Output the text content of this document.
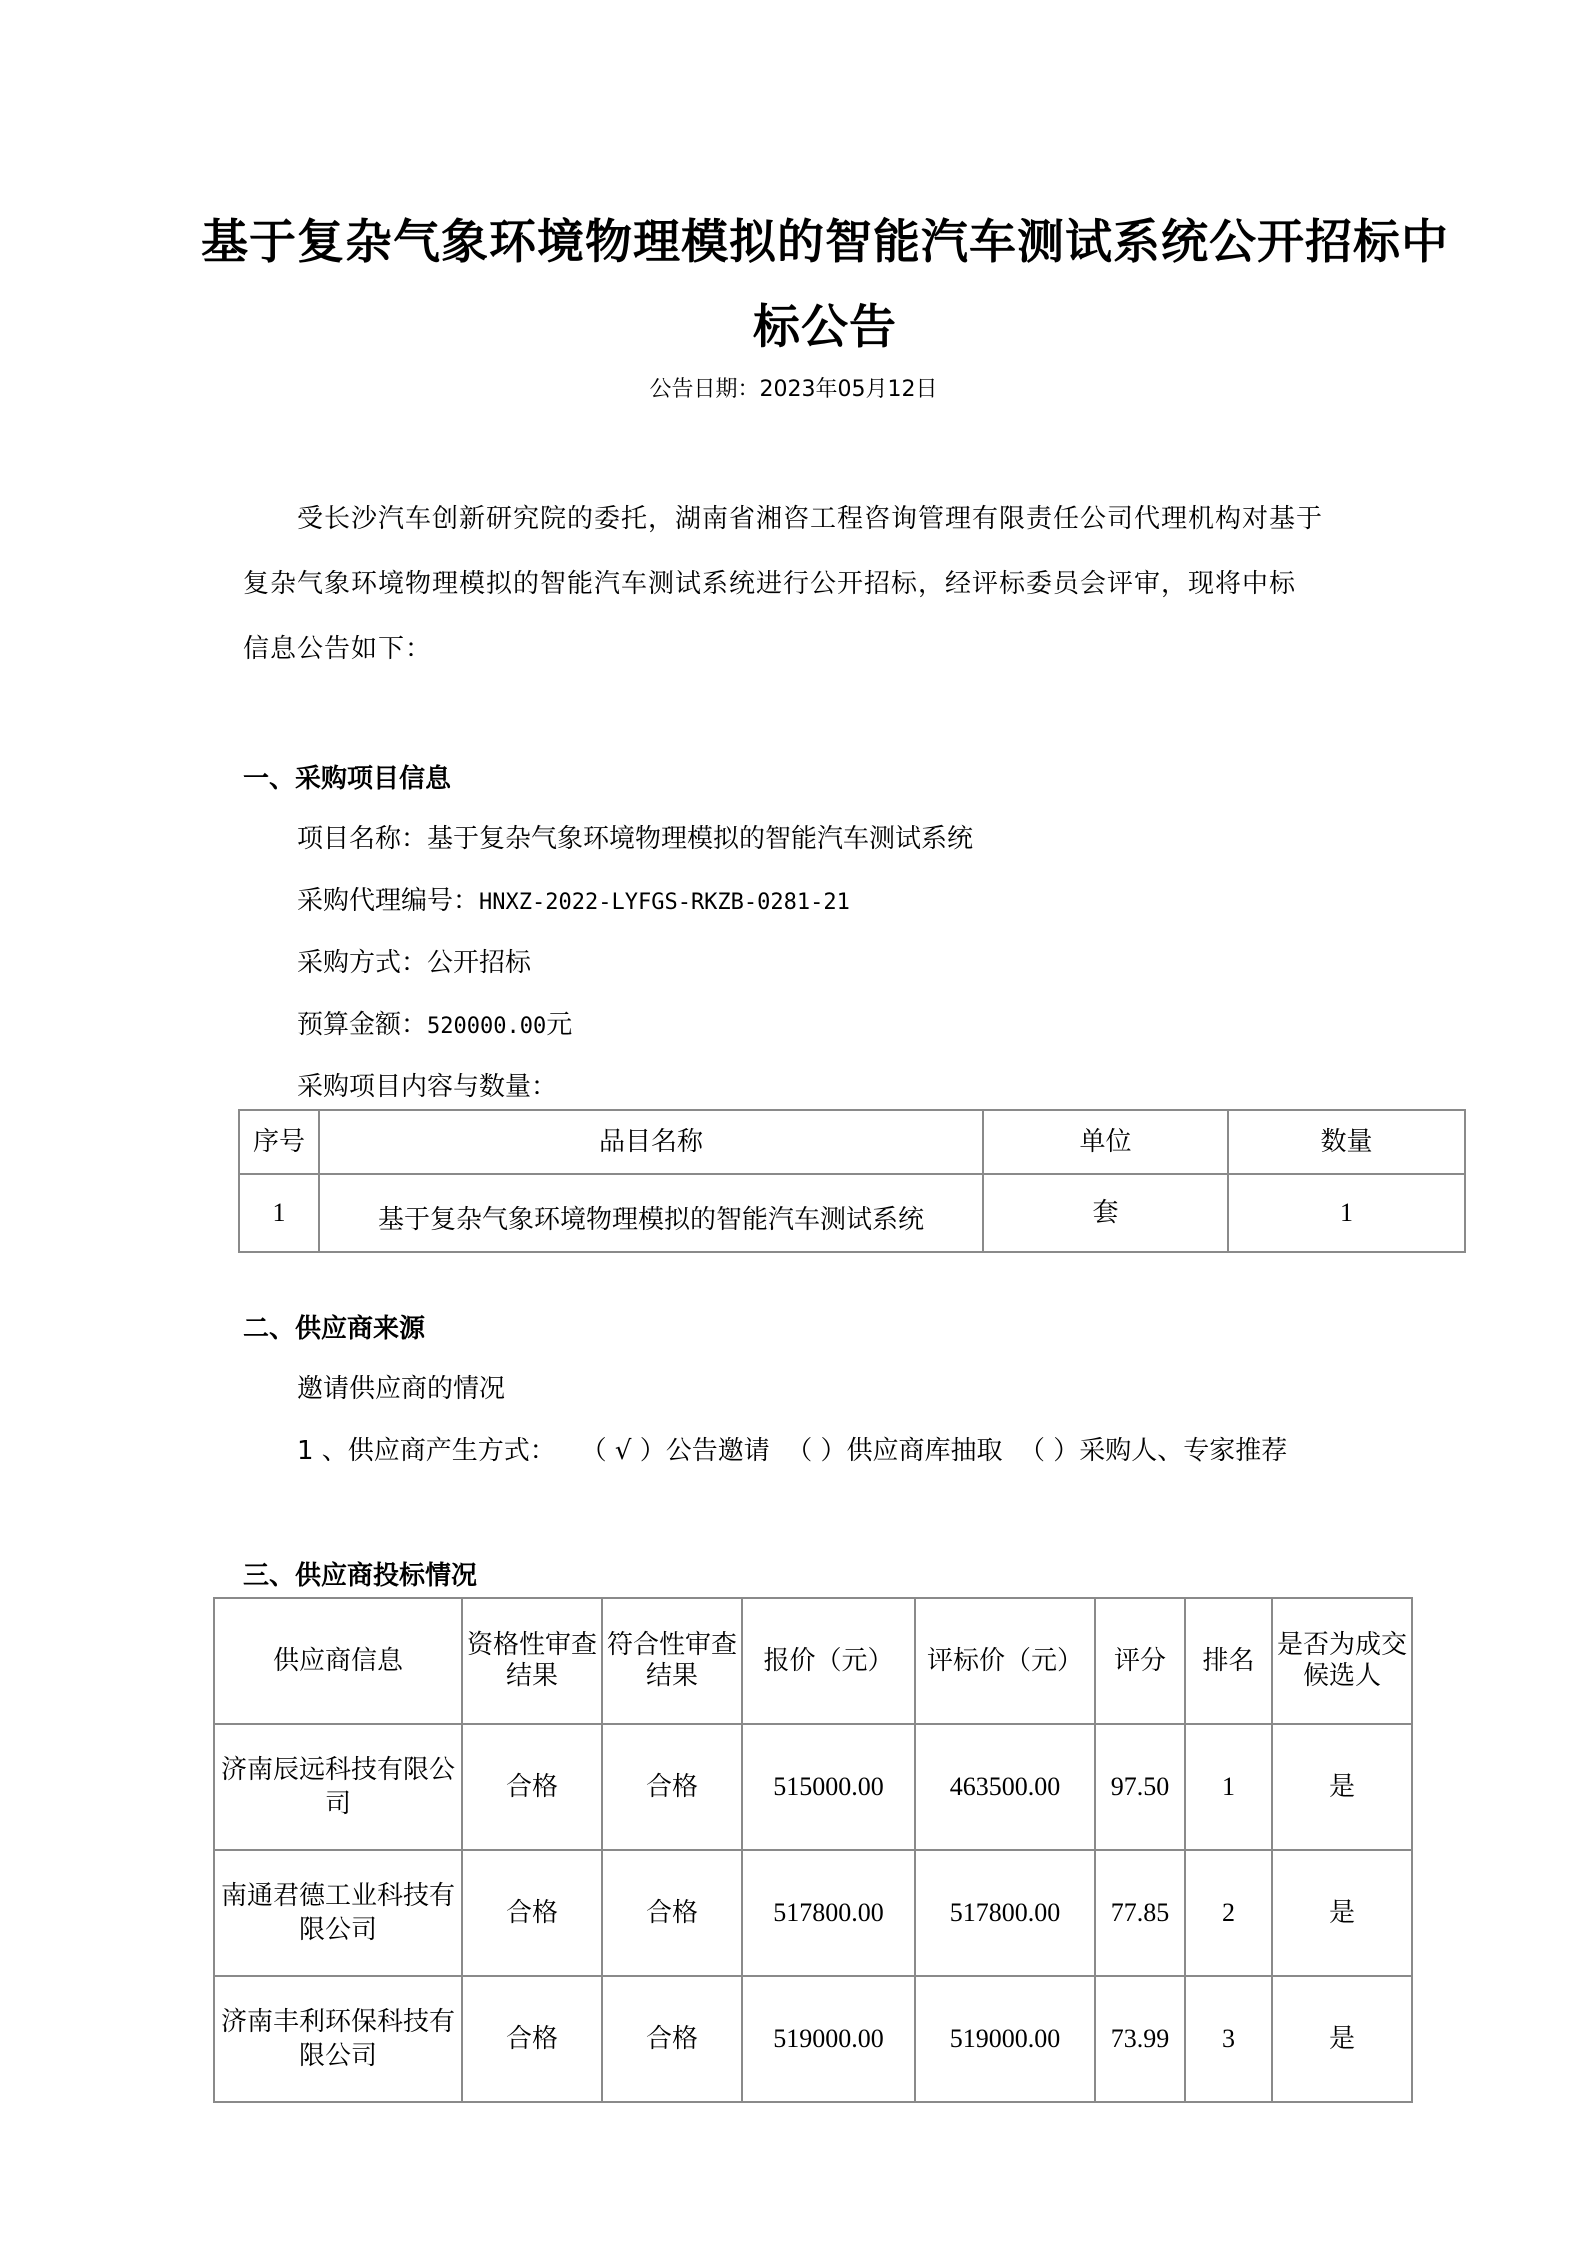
基于复杂气象环境物理模拟的智能汽车测试系统公开招标中
标公告
公告日期：2023年05月12日
受长沙汽车创新研究院的委托，湖南省湘咨工程咨询管理有限责任公司代理机构对基于
复杂气象环境物理模拟的智能汽车测试系统进行公开招标，经评标委员会评审，现将中标
信息公告如下：
一、采购项目信息
项目名称：基于复杂气象环境物理模拟的智能汽车测试系统
采购代理编号：HNXZ-2022-LYFGS-RKZB-0281-21
采购方式：公开招标
预算金额：520000.00元
采购项目内容与数量：
序号	品目名称	单位	数量
1	基于复杂气象环境物理模拟的智能汽车测试系统	套	1
二、供应商来源
邀请供应商的情况
1 、供应商产生方式：   （ √ ）公告邀请  （ ）供应商库抽取  （ ）采购人、专家推荐
三、供应商投标情况
供应商信息	资格性审查结果	符合性审查结果	报价（元）	评标价（元）	评分	排名	是否为成交候选人
济南辰远科技有限公司	合格	合格	515000.00	463500.00	97.50	1	是
南通君德工业科技有限公司	合格	合格	517800.00	517800.00	77.85	2	是
济南丰利环保科技有限公司	合格	合格	519000.00	519000.00	73.99	3	是
